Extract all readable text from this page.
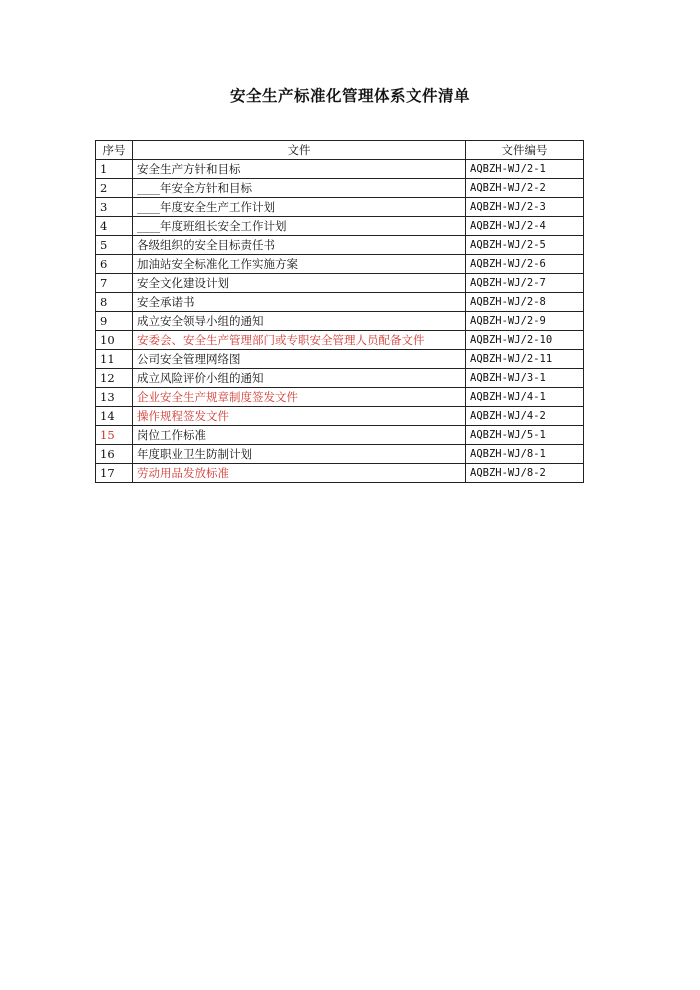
安全生产标准化管理体系文件清单
序号	文件	文件编号
1	安全生产方针和目标	AQBZH-WJ/2-1
2	____年安全方针和目标	AQBZH-WJ/2-2
3	____年度安全生产工作计划	AQBZH-WJ/2-3
4	____年度班组长安全工作计划	AQBZH-WJ/2-4
5	各级组织的安全目标责任书	AQBZH-WJ/2-5
6	加油站安全标准化工作实施方案	AQBZH-WJ/2-6
7	安全文化建设计划	AQBZH-WJ/2-7
8	安全承诺书	AQBZH-WJ/2-8
9	成立安全领导小组的通知	AQBZH-WJ/2-9
10	安委会、安全生产管理部门或专职安全管理人员配备文件	AQBZH-WJ/2-10
11	公司安全管理网络图	AQBZH-WJ/2-11
12	成立风险评价小组的通知	AQBZH-WJ/3-1
13	企业安全生产规章制度签发文件	AQBZH-WJ/4-1
14	操作规程签发文件	AQBZH-WJ/4-2
15	岗位工作标准	AQBZH-WJ/5-1
16	年度职业卫生防制计划	AQBZH-WJ/8-1
17	劳动用品发放标准	AQBZH-WJ/8-2
